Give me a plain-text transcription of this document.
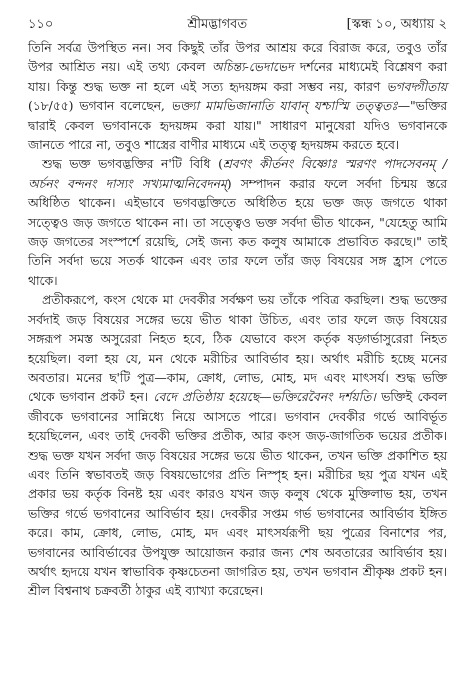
১১০	শ্রীমদ্ভাগবত	[স্কন্ধ ১০, অধ্যায় ২

তিনি সর্বত্র উপস্থিত নন। সব কিছুই তাঁর উপর আশ্রয় করে বিরাজ করে, তবুও তাঁর উপর আশ্রিত নয়। এই তথ্য কেবল অচিন্ত্য-ভেদাভেদ দর্শনের মাধ্যমেই বিশ্লেষণ করা যায়। কিন্তু শুদ্ধ ভক্ত না হলে এই সত্য হৃদয়ঙ্গম করা সম্ভব নয়, কারণ ভগবদ্গীতায় (১৮/৫৫) ভগবান বলেছেন, ভক্ত্যা মামভিজানাতি যাবান্ যশ্চাস্মি তত্ত্বতঃ—"ভক্তির দ্বারাই কেবল ভগবানকে হৃদয়ঙ্গম করা যায়।" সাধারণ মানুষেরা যদিও ভগবানকে জানতে পারে না, তবুও শাস্ত্রের বাণীর মাধ্যমে এই তত্ত্ব হৃদয়ঙ্গম করতে হবে।

শুদ্ধ ভক্ত ভগবদ্ভক্তির ন'টি বিধি (শ্রবণং কীর্তনং বিষ্ণোঃ স্মরণং পাদসেবনম্ / অর্চনং বন্দনং দাস্যং সখ্যমাত্মনিবেদনম্) সম্পাদন করার ফলে সর্বদা চিন্ময় স্তরে অধিষ্ঠিত থাকেন। এইভাবে ভগবদ্ভক্তিতে অধিষ্ঠিত হয়ে ভক্ত জড় জগতে থাকা সত্ত্বেও জড় জগতে থাকেন না। তা সত্ত্বেও ভক্ত সর্বদা ভীত থাকেন, "যেহেতু আমি জড় জগতের সংস্পর্শে রয়েছি, সেই জন্য কত কলুষ আমাকে প্রভাবিত করছে।" তাই তিনি সর্বদা ভয়ে সতর্ক থাকেন এবং তার ফলে তাঁর জড় বিষয়ের সঙ্গ হ্রাস পেতে থাকে।

প্রতীকরূপে, কংস থেকে মা দেবকীর সর্বক্ষণ ভয় তাঁকে পবিত্র করছিল। শুদ্ধ ভক্তের সর্বদাই জড় বিষয়ের সঙ্গের ভয়ে ভীত থাকা উচিত, এবং তার ফলে জড় বিষয়ের সঙ্গরূপ সমস্ত অসুরেরা নিহত হবে, ঠিক যেভাবে কংস কর্তৃক ষড়্গর্ভাসুরেরা নিহত হয়েছিল। বলা হয় যে, মন থেকে মরীচির আবির্ভাব হয়। অর্থাৎ মরীচি হচ্ছে মনের অবতার। মনের ছ'টি পুত্র—কাম, ক্রোধ, লোভ, মোহ, মদ এবং মাৎসর্য। শুদ্ধ ভক্তি থেকে ভগবান প্রকট হন। বেদে প্রতিষ্ঠায় হয়েছে—ভক্তিরেবৈনং দর্শয়তি। ভক্তিই কেবল জীবকে ভগবানের সান্নিধ্যে নিয়ে আসতে পারে। ভগবান দেবকীর গর্ভে আবির্ভূত হয়েছিলেন, এবং তাই দেবকী ভক্তির প্রতীক, আর কংস জড়-জাগতিক ভয়ের প্রতীক। শুদ্ধ ভক্ত যখন সর্বদা জড় বিষয়ের সঙ্গের ভয়ে ভীত থাকেন, তখন ভক্তি প্রকাশিত হয় এবং তিনি স্বভাবতই জড় বিষয়ভোগের প্রতি নিস্পৃহ হন। মরীচির ছয় পুত্র যখন এই প্রকার ভয় কর্তৃক বিনষ্ট হয় এবং কারও যখন জড় কলুষ থেকে মুক্তিলাভ হয়, তখন ভক্তির গর্ভে ভগবানের আবির্ভাব হয়। দেবকীর সপ্তম গর্ভ ভগবানের আবির্ভাব ইঙ্গিত করে। কাম, ক্রোধ, লোভ, মোহ, মদ এবং মাৎসর্যরূপী ছয় পুত্রের বিনাশের পর, ভগবানের আবির্ভাবের উপযুক্ত আয়োজন করার জন্য শেষ অবতারের আবির্ভাব হয়। অর্থাৎ হৃদয়ে যখন স্বাভাবিক কৃষ্ণচেতনা জাগরিত হয়, তখন ভগবান শ্রীকৃষ্ণ প্রকট হন। শ্রীল বিশ্বনাথ চক্রবর্তী ঠাকুর এই ব্যাখ্যা করেছেন।
